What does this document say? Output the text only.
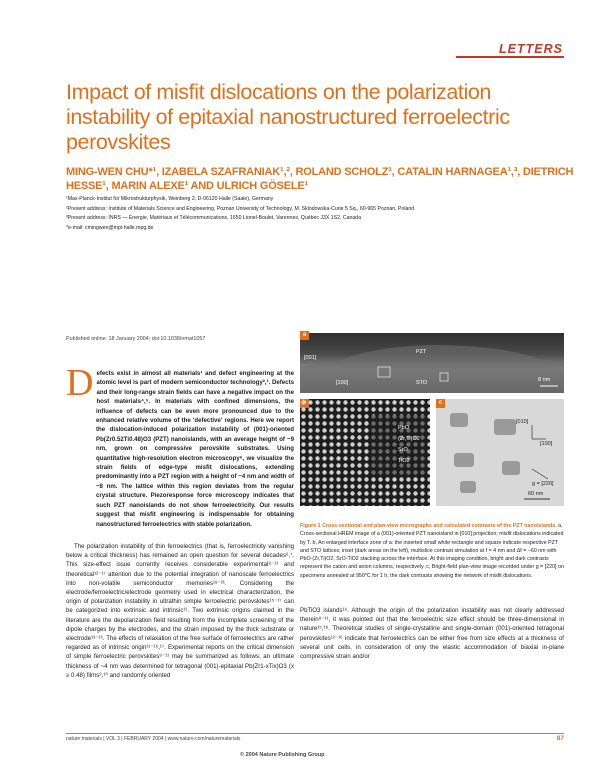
LETTERS
Impact of misfit dislocations on the polarization instability of epitaxial nanostructured ferroelectric perovskites
MING-WEN CHU*¹, IZABELA SZAFRANIAK¹,², ROLAND SCHOLZ¹, CATALIN HARNAGEA¹,³, DIETRICH HESSE¹, MARIN ALEXE¹ AND ULRICH GÖSELE¹
¹Max-Planck-Institut für Mikrostrukturphysik, Weinberg 2, D-06120 Halle (Saale), Germany
²Present address: Institute of Materials Science and Engineering, Poznan University of Technology, M. Sklodowska-Curie 5 Sq., 60-965 Poznan, Poland
³Present address: INRS — Énergie, Matériaux et Télécommunications, 1650 Lionel-Boulet, Varennes, Québec J3X 1S2, Canada
*e-mail: cmingwen@mpi-halle.mpg.de
Published online: 18 January 2004; doi:10.1038/nmat1057
D efects exist in almost all materials¹ and defect engineering at the atomic level is part of modern semiconductor technology²,³. Defects and their long-range strain fields can have a negative impact on the host materials⁴,⁵. In materials with confined dimensions, the influence of defects can be even more pronounced due to the enhanced relative volume of the 'defective' regions. Here we report the dislocation-induced polarization instability of (001)-oriented Pb(Zr0.52Ti0.48)O3 (PZT) nanoislands, with an average height of ~9 nm, grown on compressive perovskite substrates. Using quantitative high-resolution electron microscopy⁶, we visualize the strain fields of edge-type misfit dislocations, extending predominantly into a PZT region with a height of ~4 nm and width of ~8 nm. The lattice within this region deviates from the regular crystal structure. Piezoresponse force microscopy indicates that such PZT nanoislands do not show ferroelectricity. Our results suggest that misfit engineering is indispensable for obtaining nanostructured ferroelectrics with stable polarization.
The polarization instability of thin ferroelectrics (that is, ferroelectricity vanishing below a critical thickness) has remained an open question for several decades⁶,⁷. This size-effect issue currently receives considerable experimental⁸⁻¹¹ and theoretical¹²⁻¹⁷ attention due to the potential integration of nanoscale ferroelectrics into non-volatile semiconductor memories¹⁸⁻²¹. Considering the electrode/ferroelectric/electrode geometry used in electrical characterization, the origin of polarization instability in ultrathin simple ferroelectric perovskites¹⁵⁻¹⁷ can be categorized into extrinsic and intrinsic¹¹. Two extrinsic origins claimed in the literature are the depolarization field resulting from the incomplete screening of the dipole charges by the electrodes, and the strain imposed by the thick substrate or electrode¹³⁻¹⁶. The effects of relaxation of the free surface of ferroelectrics are rather regarded as of intrinsic origin¹¹⁻¹⁶,¹⁷. Experimental reports on the critical dimension of simple ferroelectric perovskites⁸⁻¹¹ may be summarized as follows: an ultimate thickness of ~4 nm was determined for tetragonal (001)-epitaxial Pb(Zr1-xTix)O3 (x ≥ 0.48) films⁹,¹⁰ and randomly oriented
a
PZT
[001]
[100]	STO	8 nm
PbO
(Zr,Ti)O2
SrO
TiO2
c
[010]
[100]
g = [220]
60 nm
Figure 1 Cross-sectional and plan-view micrographs and calculated contrasts of the PZT nanoislands. a, Cross-sectional HREM image of a (001)-oriented PZT nanoisland in [010] projection; misfit dislocations indicated by T. b, An enlarged interface zone of a: the inserted small white rectangle and square indicate respective PZT and STO lattices; inset (dark areas on the left), multislice contrast simulation at f = 4 nm and Δf = −60 nm with PbO-(Zr,Ti)O2, SrO-TiO2 stacking across the interface. At this imaging condition, bright and dark contrasts represent the cation and anion columns, respectively. c, Bright-field plan-view image recorded under g = [220] on specimens annealed at 950°C for 1 h, the dark contrasts showing the network of misfit dislocations.
PbTiO3 islands¹⁸. Although the origin of the polarization instability was not clearly addressed therein⁸⁻¹¹, it was pointed out that the ferroelectric size effect should be three-dimensional in nature¹⁵,¹⁸. Theoretical studies of single-crystalline and single-domain (001)-oriented tetragonal perovskites¹²⁻¹⁶ indicate that ferroelectrics can be either free from size effects at a thickness of several unit cells, in consideration of only the elastic accommodation of biaxial in-plane compressive strain and/or
nature materials | VOL 3 | FEBRUARY 2004 | www.nature.com/naturematerials	87
© 2004 Nature Publishing Group
